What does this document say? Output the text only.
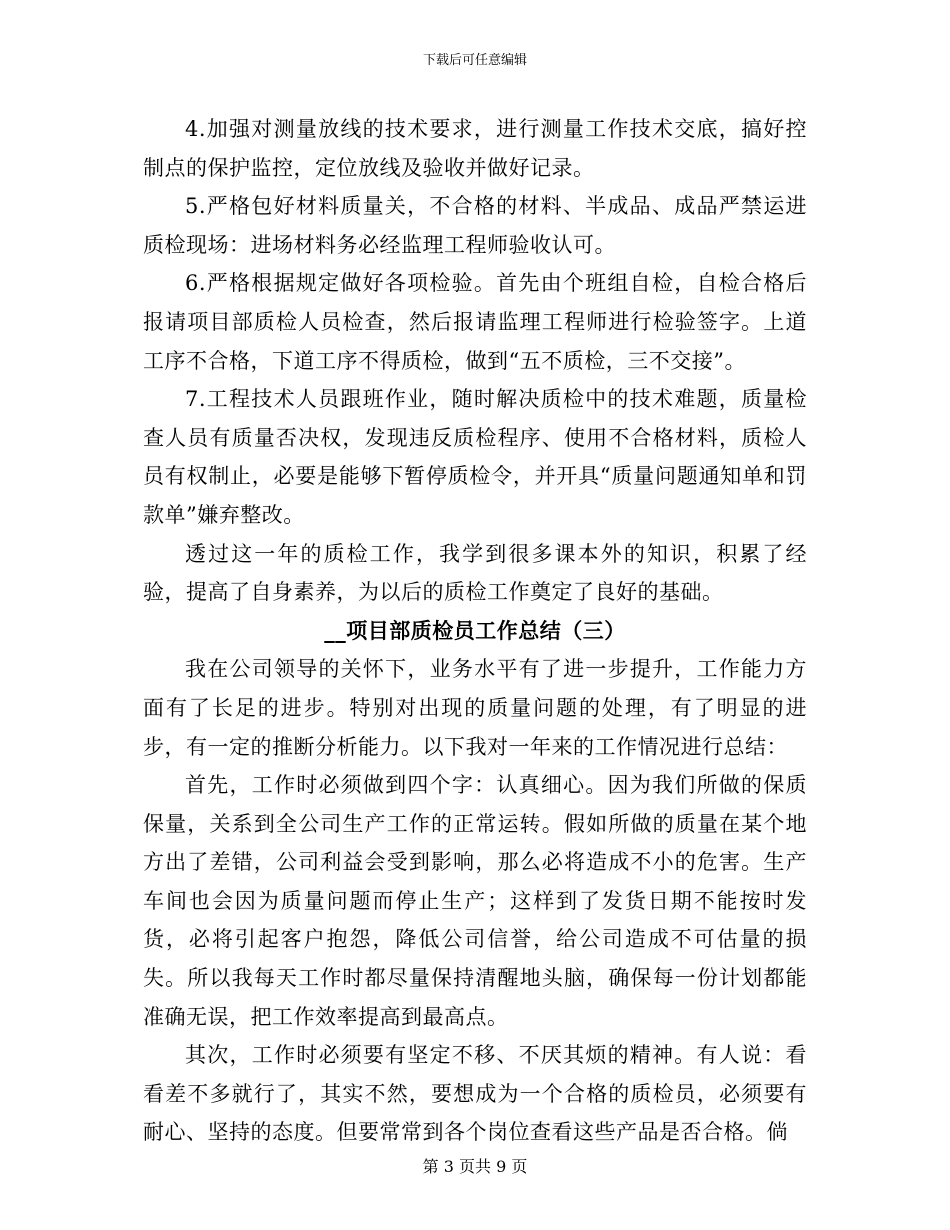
下载后可任意编辑

4.加强对测量放线的技术要求，进行测量工作技术交底，搞好控制点的保护监控，定位放线及验收并做好记录。

5.严格包好材料质量关，不合格的材料、半成品、成品严禁运进质检现场：进场材料务必经监理工程师验收认可。

6.严格根据规定做好各项检验。首先由个班组自检，自检合格后报请项目部质检人员检查，然后报请监理工程师进行检验签字。上道工序不合格，下道工序不得质检，做到“五不质检，三不交接”。

7.工程技术人员跟班作业，随时解决质检中的技术难题，质量检查人员有质量否决权，发现违反质检程序、使用不合格材料，质检人员有权制止，必要是能够下暂停质检令，并开具“质量问题通知单和罚款单”嫌弃整改。

透过这一年的质检工作，我学到很多课本外的知识，积累了经验，提高了自身素养，为以后的质检工作奠定了良好的基础。

__项目部质检员工作总结（三）

我在公司领导的关怀下，业务水平有了进一步提升，工作能力方面有了长足的进步。特别对出现的质量问题的处理，有了明显的进步，有一定的推断分析能力。以下我对一年来的工作情况进行总结：

首先，工作时必须做到四个字：认真细心。因为我们所做的保质保量，关系到全公司生产工作的正常运转。假如所做的质量在某个地方出了差错，公司利益会受到影响，那么必将造成不小的危害。生产车间也会因为质量问题而停止生产；这样到了发货日期不能按时发货，必将引起客户抱怨，降低公司信誉，给公司造成不可估量的损失。所以我每天工作时都尽量保持清醒地头脑，确保每一份计划都能准确无误，把工作效率提高到最高点。

其次，工作时必须要有坚定不移、不厌其烦的精神。有人说：看看差不多就行了，其实不然，要想成为一个合格的质检员，必须要有耐心、坚持的态度。但要常常到各个岗位查看这些产品是否合格。倘

第 3 页共 9 页
